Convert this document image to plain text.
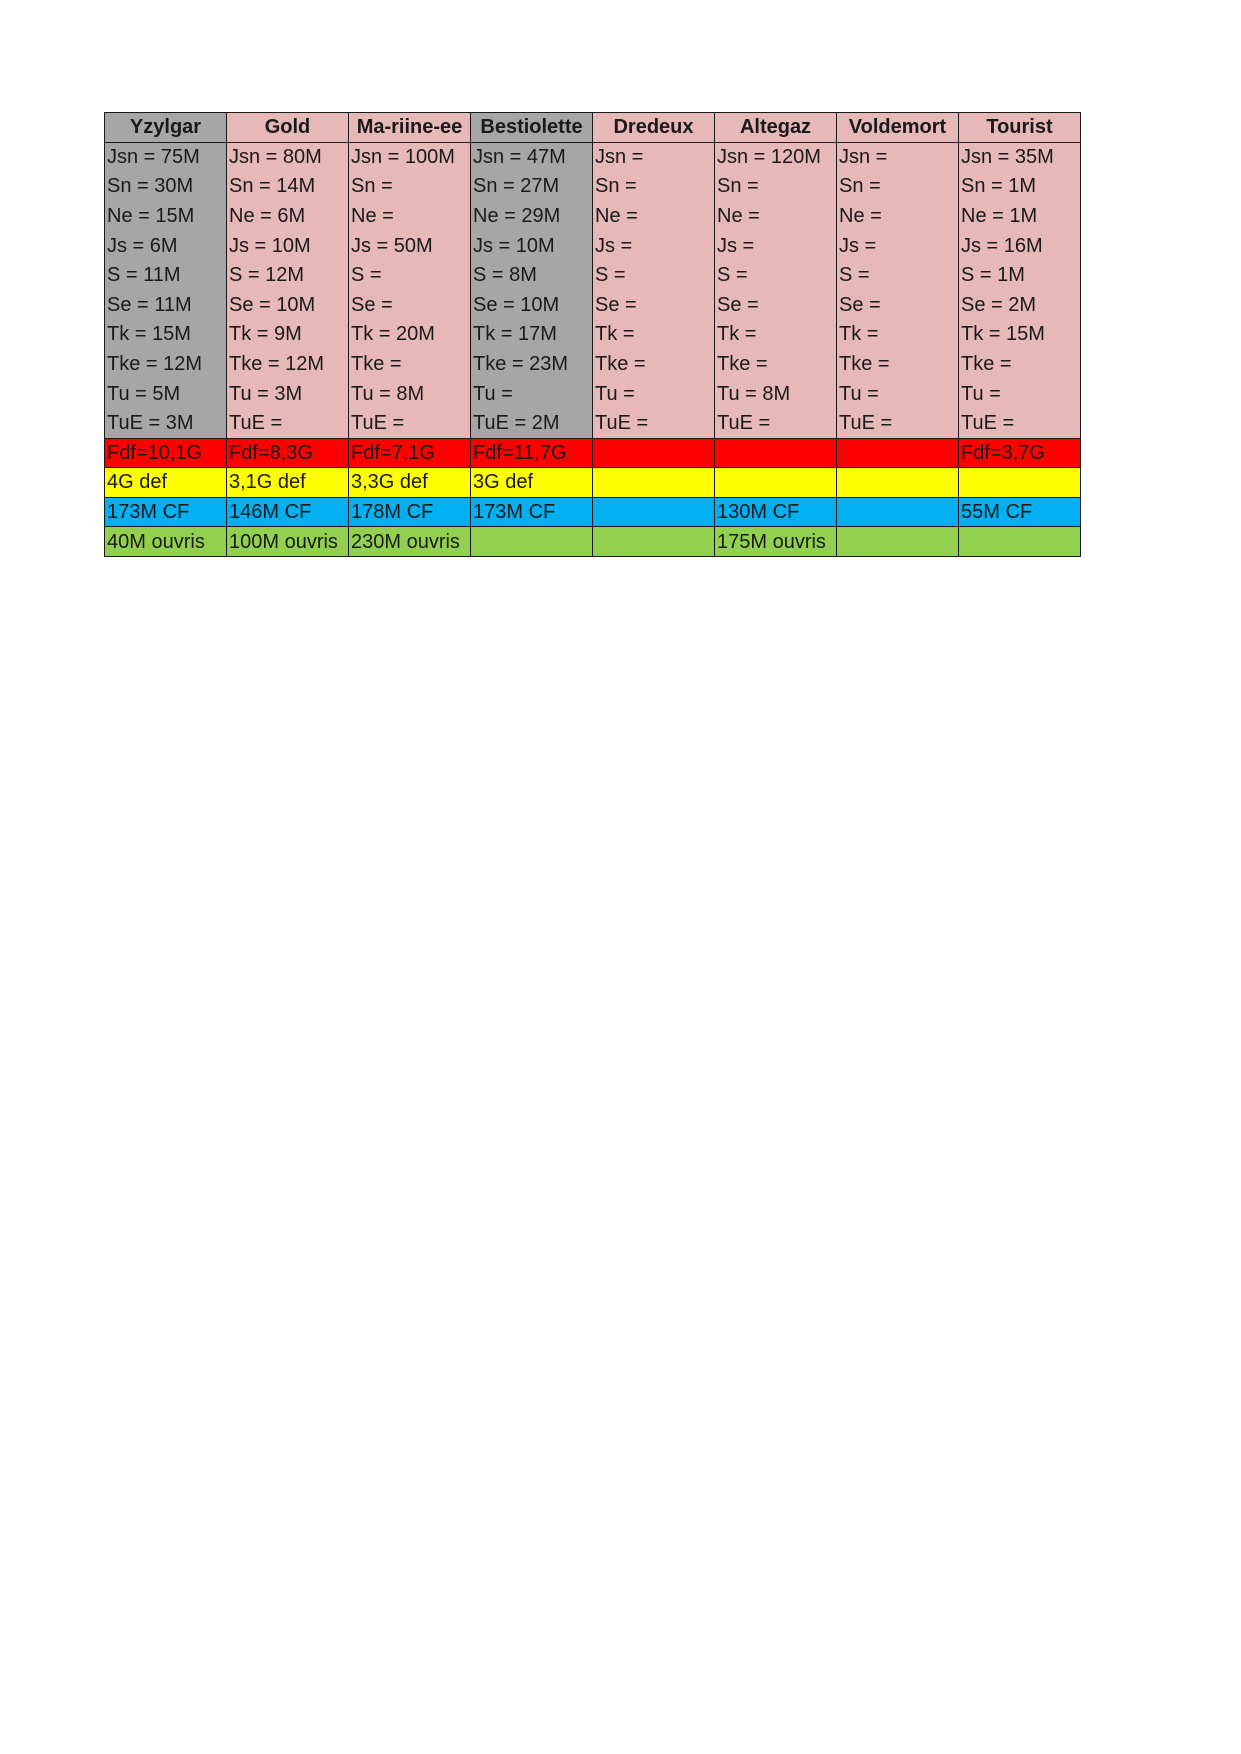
Yzylgar	Gold	Ma-riine-ee	Bestiolette	Dredeux	Altegaz	Voldemort	Tourist
Jsn = 75M	Jsn = 80M	Jsn = 100M	Jsn = 47M	Jsn =	Jsn = 120M	Jsn =	Jsn = 35M
Sn = 30M	Sn = 14M	Sn =	Sn = 27M	Sn =	Sn =	Sn =	Sn = 1M
Ne = 15M	Ne = 6M	Ne =	Ne = 29M	Ne =	Ne =	Ne =	Ne = 1M
Js = 6M	Js = 10M	Js = 50M	Js = 10M	Js =	Js =	Js =	Js = 16M
S = 11M	S = 12M	S =	S = 8M	S =	S =	S =	S = 1M
Se = 11M	Se = 10M	Se =	Se = 10M	Se =	Se =	Se =	Se = 2M
Tk = 15M	Tk = 9M	Tk = 20M	Tk = 17M	Tk =	Tk =	Tk =	Tk = 15M
Tke = 12M	Tke = 12M	Tke =	Tke = 23M	Tke =	Tke =	Tke =	Tke =
Tu = 5M	Tu = 3M	Tu = 8M	Tu =	Tu =	Tu = 8M	Tu =	Tu =
TuE = 3M	TuE =	TuE =	TuE = 2M	TuE =	TuE =	TuE =	TuE =
Fdf=10,1G	Fdf=8,3G	Fdf=7,1G	Fdf=11,7G				Fdf=3,7G
4G def	3,1G def	3,3G def	3G def				
173M CF	146M CF	178M CF	173M CF		130M CF		55M CF
40M ouvris	100M ouvris	230M ouvris			175M ouvris		
